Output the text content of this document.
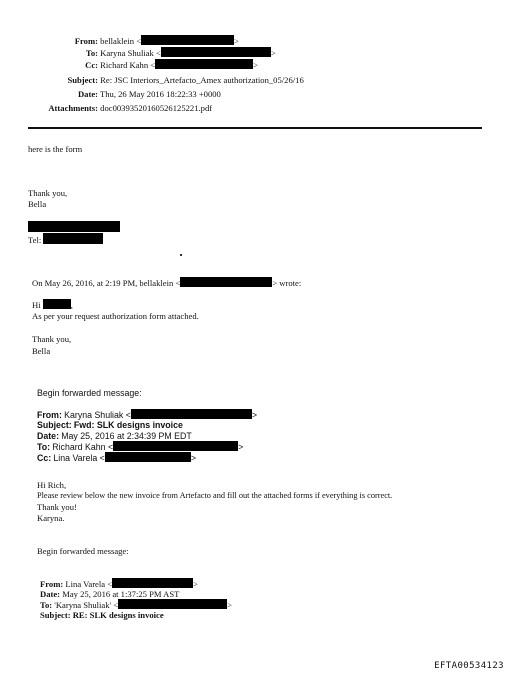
From: bellaklein <	>
To: Karyna Shuliak <	>
Cc: Richard Kahn <	>
Subject: Re: JSC Interiors_Artefacto_Amex authorization_05/26/16
Date: Thu, 26 May 2016 18:22:33 +0000
Attachments: doc00393520160526125221.pdf
here is the form
Thank you,
Bella
Tel:
On May 26, 2016, at 2:19 PM, bellaklein <	> wrote:
Hi	,
As per your request authorization form attached.
Thank you,
Bella
Begin forwarded message:
From: Karyna Shuliak <	>
Subject: Fwd: SLK designs invoice
Date: May 25, 2016 at 2:34:39 PM EDT
To: Richard Kahn <	>
Cc: Lina Varela <	>
Hi Rich,
Please review below the new invoice from Artefacto and fill out the attached forms if everything is correct.
Thank you!
Karyna.
Begin forwarded message:
From: Lina Varela <	>
Date: May 25, 2016 at 1:37:25 PM AST
To: 'Karyna Shuliak' <	>
Subject: RE: SLK designs invoice
EFTA00534123
